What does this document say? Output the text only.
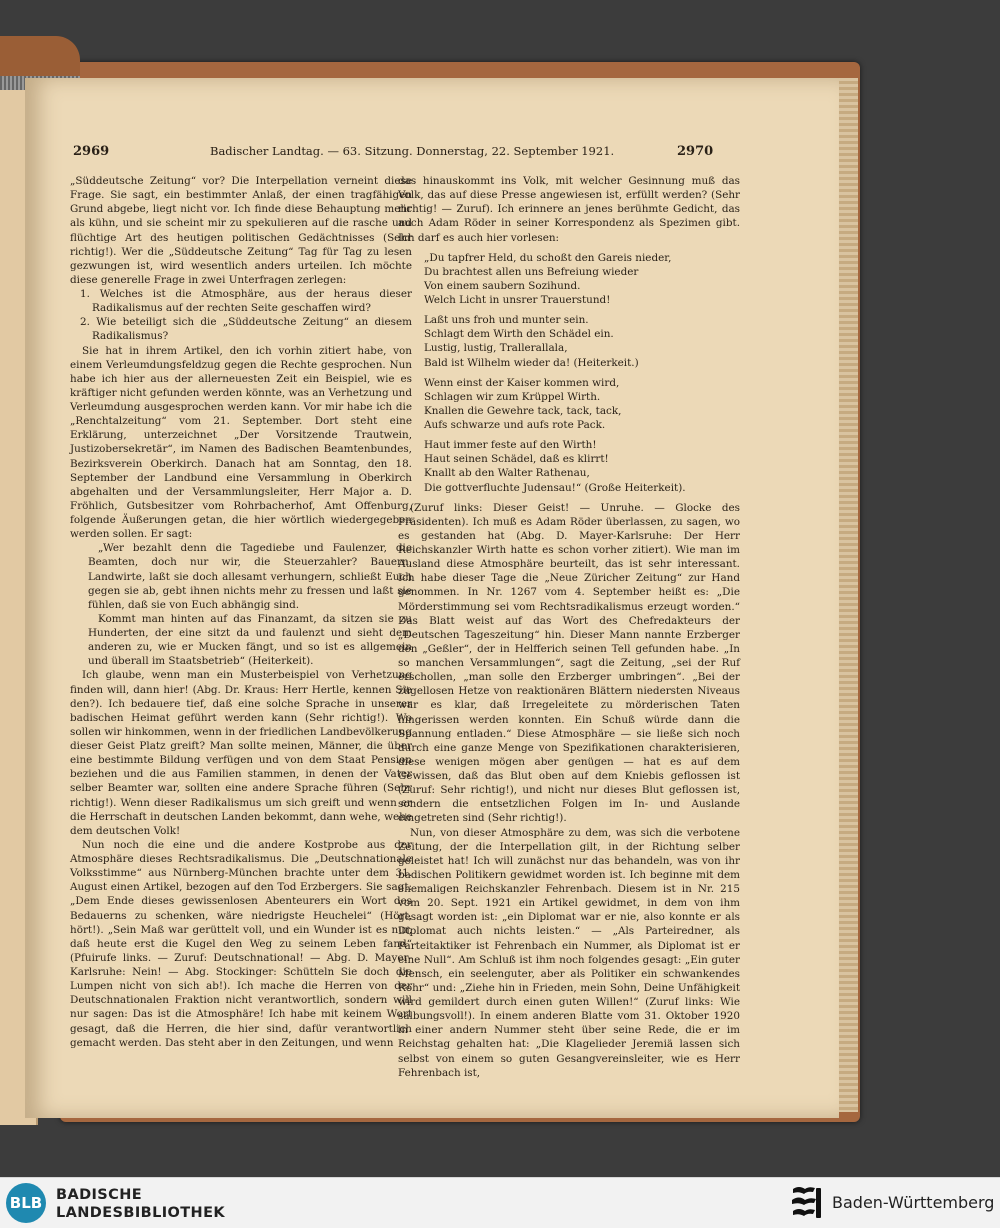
2969	Badischer Landtag. — 63. Sitzung. Donnerstag, 22. September 1921.	2970

„Süddeutsche Zeitung“ vor? Die Interpellation verneint diese Frage. Sie sagt, ein bestimmter Anlaß, der einen tragfähigen Grund abgebe, liegt nicht vor. Ich finde diese Behauptung mehr als kühn, und sie scheint mir zu spekulieren auf die rasche und flüchtige Art des heutigen politischen Gedächtnisses (Sehr richtig!). Wer die „Süddeutsche Zeitung“ Tag für Tag zu lesen gezwungen ist, wird wesentlich anders urteilen. Ich möchte diese generelle Frage in zwei Unterfragen zerlegen:

1. Welches ist die Atmosphäre, aus der heraus dieser Radikalismus auf der rechten Seite geschaffen wird?

2. Wie beteiligt sich die „Süddeutsche Zeitung“ an diesem Radikalismus?

Sie hat in ihrem Artikel, den ich vorhin zitiert habe, von einem Verleumdungsfeldzug gegen die Rechte gesprochen. Nun habe ich hier aus der allerneuesten Zeit ein Beispiel, wie es kräftiger nicht gefunden werden könnte, was an Verhetzung und Verleumdung ausgesprochen werden kann. Vor mir habe ich die „Renchtalzeitung“ vom 21. September. Dort steht eine Erklärung, unterzeichnet „Der Vorsitzende Trautwein, Justizobersekretär“, im Namen des Badischen Beamtenbundes, Bezirksverein Oberkirch. Danach hat am Sonntag, den 18. September der Landbund eine Versammlung in Oberkirch abgehalten und der Versammlungsleiter, Herr Major a. D. Fröhlich, Gutsbesitzer vom Rohrbacherhof, Amt Offenburg, folgende Äußerungen getan, die hier wörtlich wiedergegeben werden sollen. Er sagt:

„Wer bezahlt denn die Tagediebe und Faulenzer, die Beamten, doch nur wir, die Steuerzahler? Bauern, Landwirte, laßt sie doch allesamt verhungern, schließt Euch gegen sie ab, gebt ihnen nichts mehr zu fressen und laßt sie fühlen, daß sie von Euch abhängig sind.

Kommt man hinten auf das Finanzamt, da sitzen sie zu Hunderten, der eine sitzt da und faulenzt und sieht dem anderen zu, wie er Mucken fängt, und so ist es allgemein und überall im Staatsbetrieb“ (Heiterkeit).

Ich glaube, wenn man ein Musterbeispiel von Verhetzung finden will, dann hier! (Abg. Dr. Kraus: Herr Hertle, kennen Sie den?). Ich bedauere tief, daß eine solche Sprache in unserer badischen Heimat geführt werden kann (Sehr richtig!). Wo sollen wir hinkommen, wenn in der friedlichen Landbevölkerung dieser Geist Platz greift? Man sollte meinen, Männer, die über eine bestimmte Bildung verfügen und von dem Staat Pension beziehen und die aus Familien stammen, in denen der Vater selber Beamter war, sollten eine andere Sprache führen (Sehr richtig!). Wenn dieser Radikalismus um sich greift und wenn er die Herrschaft in deutschen Landen bekommt, dann wehe, wehe dem deutschen Volk!

Nun noch die eine und die andere Kostprobe aus der Atmosphäre dieses Rechtsradikalismus. Die „Deutschnationale Volksstimme“ aus Nürnberg-München brachte unter dem 31. August einen Artikel, bezogen auf den Tod Erzbergers. Sie sagt: „Dem Ende dieses gewissenlosen Abenteurers ein Wort des Bedauerns zu schenken, wäre niedrigste Heuchelei“ (Hört, hört!). „Sein Maß war gerüttelt voll, und ein Wunder ist es nur, daß heute erst die Kugel den Weg zu seinem Leben fand“ (Pfuirufe links. — Zuruf: Deutschnational! — Abg. D. Mayer-Karlsruhe: Nein! — Abg. Stockinger: Schütteln Sie doch die Lumpen nicht von sich ab!). Ich mache die Herren von der Deutschnationalen Fraktion nicht verantwortlich, sondern will nur sagen: Das ist die Atmosphäre! Ich habe mit keinem Wort gesagt, daß die Herren, die hier sind, dafür verantwortlich gemacht werden. Das steht aber in den Zeitungen, und wenn

das hinauskommt ins Volk, mit welcher Gesinnung muß das Volk, das auf diese Presse angewiesen ist, erfüllt werden? (Sehr richtig! — Zuruf). Ich erinnere an jenes berühmte Gedicht, das auch Adam Röder in seiner Korrespondenz als Spezimen gibt. Ich darf es auch hier vorlesen:

„Du tapfrer Held, du schoßt den Gareis nieder,
Du brachtest allen uns Befreiung wieder
Von einem saubern Sozihund.
Welch Licht in unsrer Trauerstund!
Laßt uns froh und munter sein.
Schlagt dem Wirth den Schädel ein.
Lustig, lustig, Trallerallala,
Bald ist Wilhelm wieder da! (Heiterkeit.)
Wenn einst der Kaiser kommen wird,
Schlagen wir zum Krüppel Wirth.
Knallen die Gewehre tack, tack, tack,
Aufs schwarze und aufs rote Pack.
Haut immer feste auf den Wirth!
Haut seinen Schädel, daß es klirrt!
Knallt ab den Walter Rathenau,
Die gottverfluchte Judensau!“ (Große Heiterkeit).

(Zuruf links: Dieser Geist! — Unruhe. — Glocke des Präsidenten). Ich muß es Adam Röder überlassen, zu sagen, wo es gestanden hat (Abg. D. Mayer-Karlsruhe: Der Herr Reichskanzler Wirth hatte es schon vorher zitiert). Wie man im Ausland diese Atmosphäre beurteilt, das ist sehr interessant. Ich habe dieser Tage die „Neue Züricher Zeitung“ zur Hand genommen. In Nr. 1267 vom 4. September heißt es: „Die Mörderstimmung sei vom Rechtsradikalismus erzeugt worden.“ Das Blatt weist auf das Wort des Chefredakteurs der „Deutschen Tageszeitung“ hin. Dieser Mann nannte Erzberger den „Geßler“, der in Helfferich seinen Tell gefunden habe. „In so manchen Versammlungen“, sagt die Zeitung, „sei der Ruf erschollen, „man solle den Erzberger umbringen“. „Bei der zügellosen Hetze von reaktionären Blättern niedersten Niveaus war es klar, daß Irregeleitete zu mörderischen Taten hingerissen werden konnten. Ein Schuß würde dann die Spannung entladen.“ Diese Atmosphäre — sie ließe sich noch durch eine ganze Menge von Spezifikationen charakterisieren, diese wenigen mögen aber genügen — hat es auf dem Gewissen, daß das Blut oben auf dem Kniebis geflossen ist (Zuruf: Sehr richtig!), und nicht nur dieses Blut geflossen ist, sondern die entsetzlichen Folgen im In- und Auslande eingetreten sind (Sehr richtig!).

Nun, von dieser Atmosphäre zu dem, was sich die verbotene Zeitung, der die Interpellation gilt, in der Richtung selber geleistet hat! Ich will zunächst nur das behandeln, was von ihr badischen Politikern gewidmet worden ist. Ich beginne mit dem ehemaligen Reichskanzler Fehrenbach. Diesem ist in Nr. 215 vom 20. Sept. 1921 ein Artikel gewidmet, in dem von ihm gesagt worden ist: „ein Diplomat war er nie, also konnte er als Diplomat auch nichts leisten.“ — „Als Parteiredner, als Parteitaktiker ist Fehrenbach ein Nummer, als Diplomat ist er eine Null“. Am Schluß ist ihm noch folgendes gesagt: „Ein guter Mensch, ein seelenguter, aber als Politiker ein schwankendes Rohr“ und: „Ziehe hin in Frieden, mein Sohn, Deine Unfähigkeit wird gemildert durch einen guten Willen!“ (Zuruf links: Wie salbungsvoll!). In einem anderen Blatte vom 31. Oktober 1920 in einer andern Nummer steht über seine Rede, die er im Reichstag gehalten hat: „Die Klagelieder Jeremiä lassen sich selbst von einem so guten Gesangvereinsleiter, wie es Herr Fehrenbach ist,

BLB BADISCHE
LANDESBIBLIOTHEK
Baden-Württemberg
